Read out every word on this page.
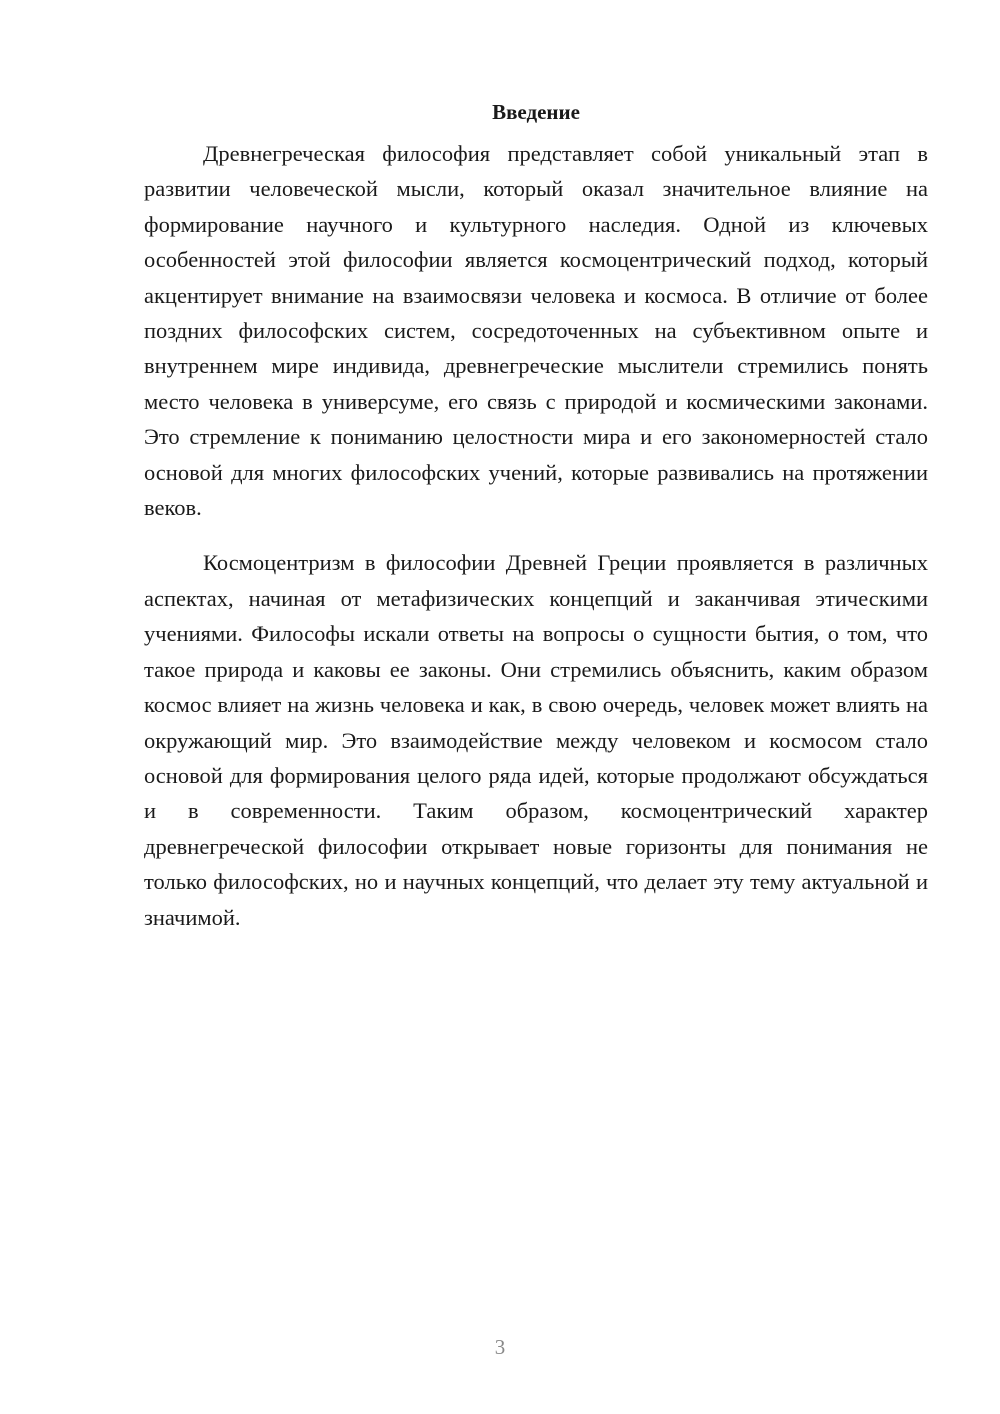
Введение

Древнегреческая философия представляет собой уникальный этап в развитии человеческой мысли, который оказал значительное влияние на формирование научного и культурного наследия. Одной из ключевых особенностей этой философии является космоцентрический подход, который акцентирует внимание на взаимосвязи человека и космоса. В отличие от более поздних философских систем, сосредоточенных на субъективном опыте и внутреннем мире индивида, древнегреческие мыслители стремились понять место человека в универсуме, его связь с природой и космическими законами. Это стремление к пониманию целостности мира и его закономерностей стало основой для многих философских учений, которые развивались на протяжении веков.

Космоцентризм в философии Древней Греции проявляется в различных аспектах, начиная от метафизических концепций и заканчивая этическими учениями. Философы искали ответы на вопросы о сущности бытия, о том, что такое природа и каковы ее законы. Они стремились объяснить, каким образом космос влияет на жизнь человека и как, в свою очередь, человек может влиять на окружающий мир. Это взаимодействие между человеком и космосом стало основой для формирования целого ряда идей, которые продолжают обсуждаться и в современности. Таким образом, космоцентрический характер древнегреческой философии открывает новые горизонты для понимания не только философских, но и научных концепций, что делает эту тему актуальной и значимой.

3
